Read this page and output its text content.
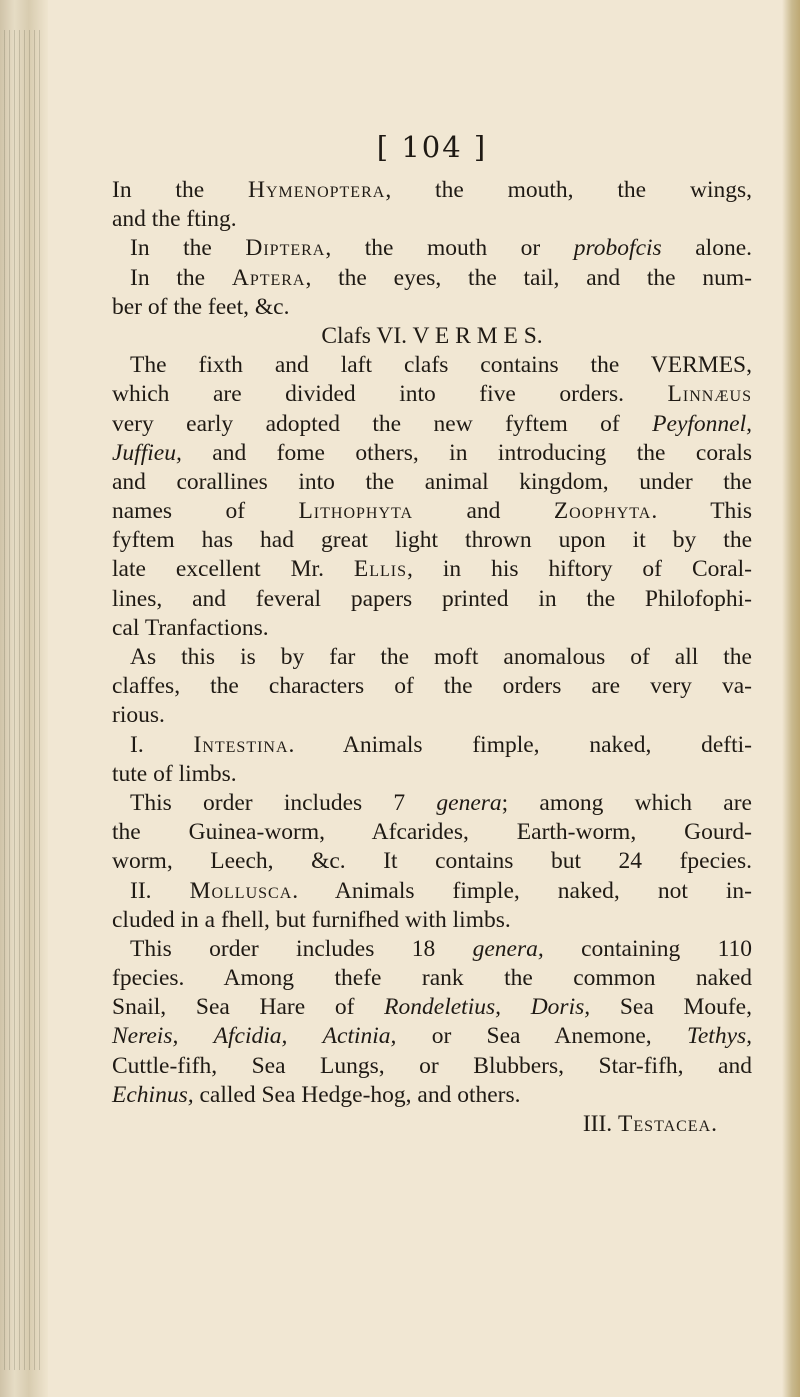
[ 104 ]
In the Hymenoptera, the mouth, the wings,
and the fting.
In the Diptera, the mouth or probofcis alone.
In the Aptera, the eyes, the tail, and the num-
ber of the feet, &c.
Clafs VI. V E R M E S.
The fixth and laft clafs contains the VERMES,
which are divided into five orders. Linnæus
very early adopted the new fyftem of Peyfonnel,
Juffieu, and fome others, in introducing the corals
and corallines into the animal kingdom, under the
names of Lithophyta and Zoophyta. This
fyftem has had great light thrown upon it by the
late excellent Mr. Ellis, in his hiftory of Coral-
lines, and feveral papers printed in the Philofophi-
cal Tranfactions.
As this is by far the moft anomalous of all the
claffes, the characters of the orders are very va-
rious.
I. Intestina. Animals fimple, naked, defti-
tute of limbs.
This order includes 7 genera; among which are
the Guinea-worm, Afcarides, Earth-worm, Gourd-
worm, Leech, &c. It contains but 24 fpecies.
II. Mollusca. Animals fimple, naked, not in-
cluded in a fhell, but furnifhed with limbs.
This order includes 18 genera, containing 110
fpecies. Among thefe rank the common naked
Snail, Sea Hare of Rondeletius, Doris, Sea Moufe,
Nereis, Afcidia, Actinia, or Sea Anemone, Tethys,
Cuttle-fifh, Sea Lungs, or Blubbers, Star-fifh, and
Echinus, called Sea Hedge-hog, and others.
III. Testacea.
